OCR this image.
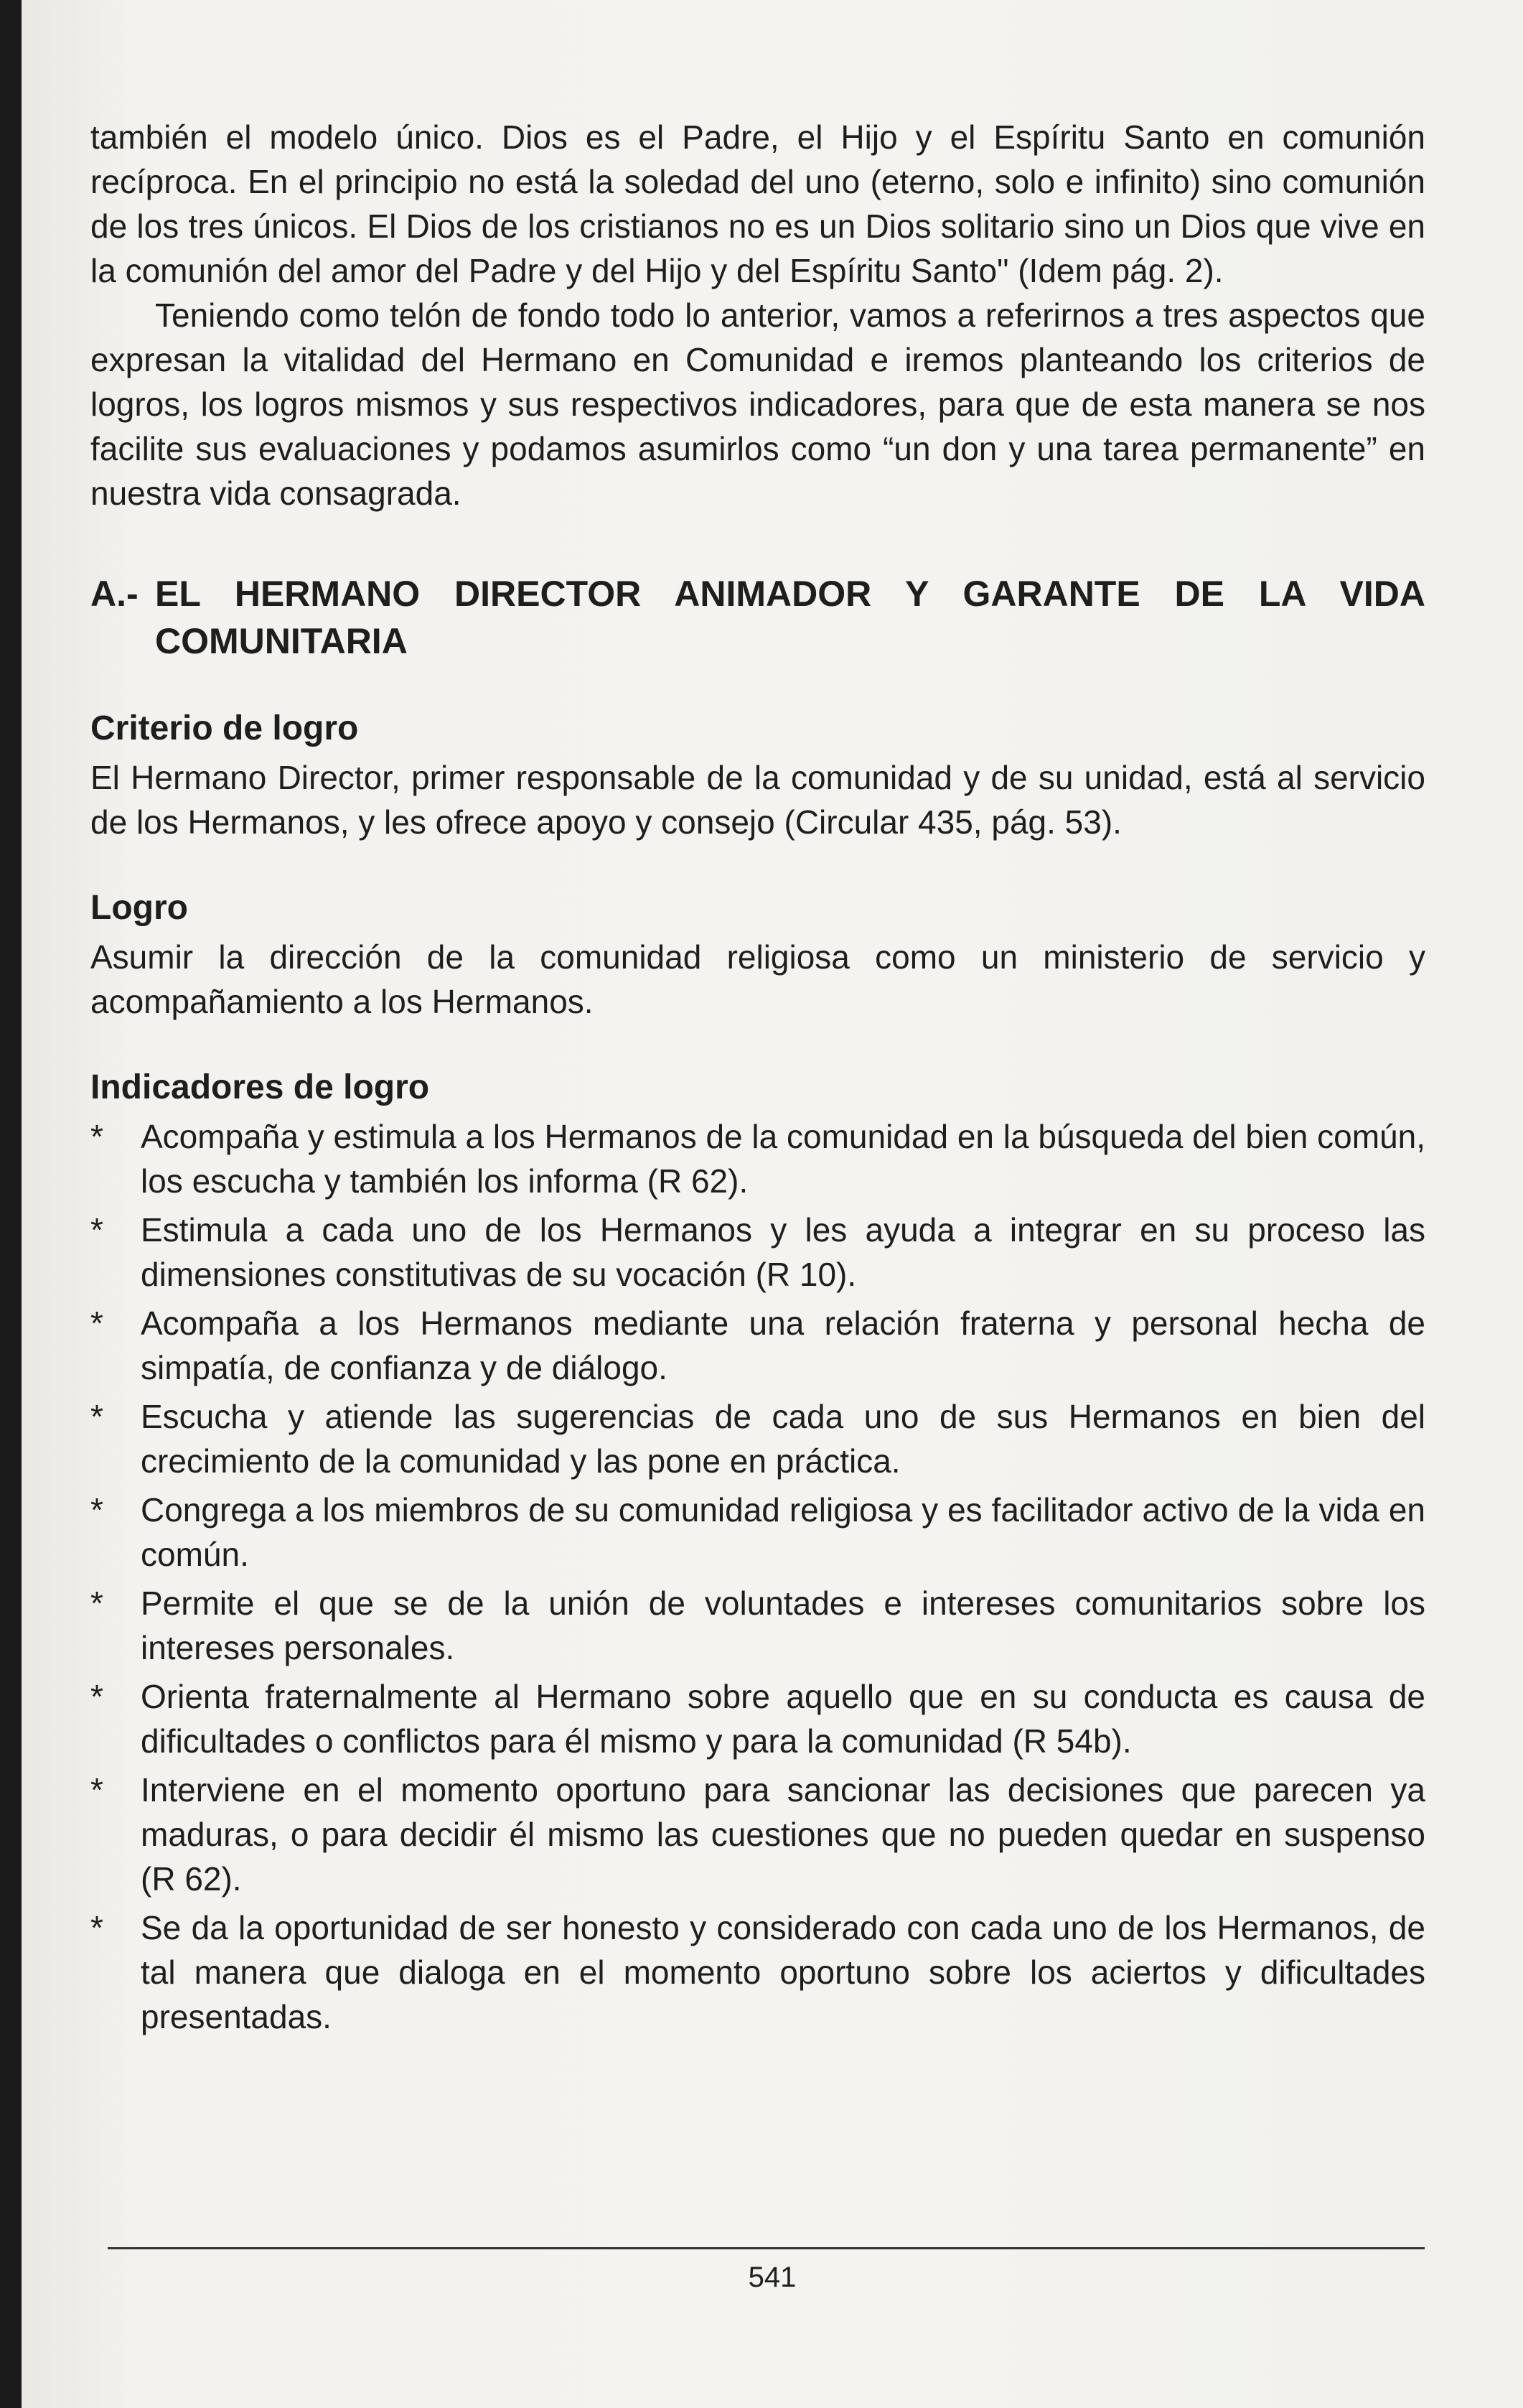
también el modelo único. Dios es el Padre, el Hijo y el Espíritu Santo en comunión recíproca. En el principio no está la soledad del uno (eterno, solo e infinito) sino comunión de los tres únicos. El Dios de los cristianos no es un Dios solitario sino un Dios que vive en la comunión del amor del Padre y del Hijo y del Espíritu Santo" (Idem pág. 2).

Teniendo como telón de fondo todo lo anterior, vamos a referirnos a tres aspectos que expresan la vitalidad del Hermano en Comunidad e iremos planteando los criterios de logros, los logros mismos y sus respectivos indicadores, para que de esta manera se nos facilite sus evaluaciones y podamos asumirlos como “un don y una tarea permanente” en nuestra vida consagrada.

A.- EL HERMANO DIRECTOR ANIMADOR Y GARANTE DE LA VIDA COMUNITARIA
Criterio de logro

El Hermano Director, primer responsable de la comunidad y de su unidad, está al servicio de los Hermanos, y les ofrece apoyo y consejo (Circular 435, pág. 53).

Logro

Asumir la dirección de la comunidad religiosa como un ministerio de servicio y acompañamiento a los Hermanos.

Indicadores de logro
* Acompaña y estimula a los Hermanos de la comunidad en la búsqueda del bien común, los escucha y también los informa (R 62).
* Estimula a cada uno de los Hermanos y les ayuda a integrar en su proceso las dimensiones constitutivas de su vocación (R 10).
* Acompaña a los Hermanos mediante una relación fraterna y personal hecha de simpatía, de confianza y de diálogo.
* Escucha y atiende las sugerencias de cada uno de sus Hermanos en bien del crecimiento de la comunidad y las pone en práctica.
* Congrega a los miembros de su comunidad religiosa y es facilitador activo de la vida en común.
* Permite el que se de la unión de voluntades e intereses comunitarios sobre los intereses personales.
* Orienta fraternalmente al Hermano sobre aquello que en su conducta es causa de dificultades o conflictos para él mismo y para la comunidad (R 54b).
* Interviene en el momento oportuno para sancionar las decisiones que parecen ya maduras, o para decidir él mismo las cuestiones que no pueden quedar en suspenso (R 62).
* Se da la oportunidad de ser honesto y considerado con cada uno de los Hermanos, de tal manera que dialoga en el momento oportuno sobre los aciertos y dificultades presentadas.
541
